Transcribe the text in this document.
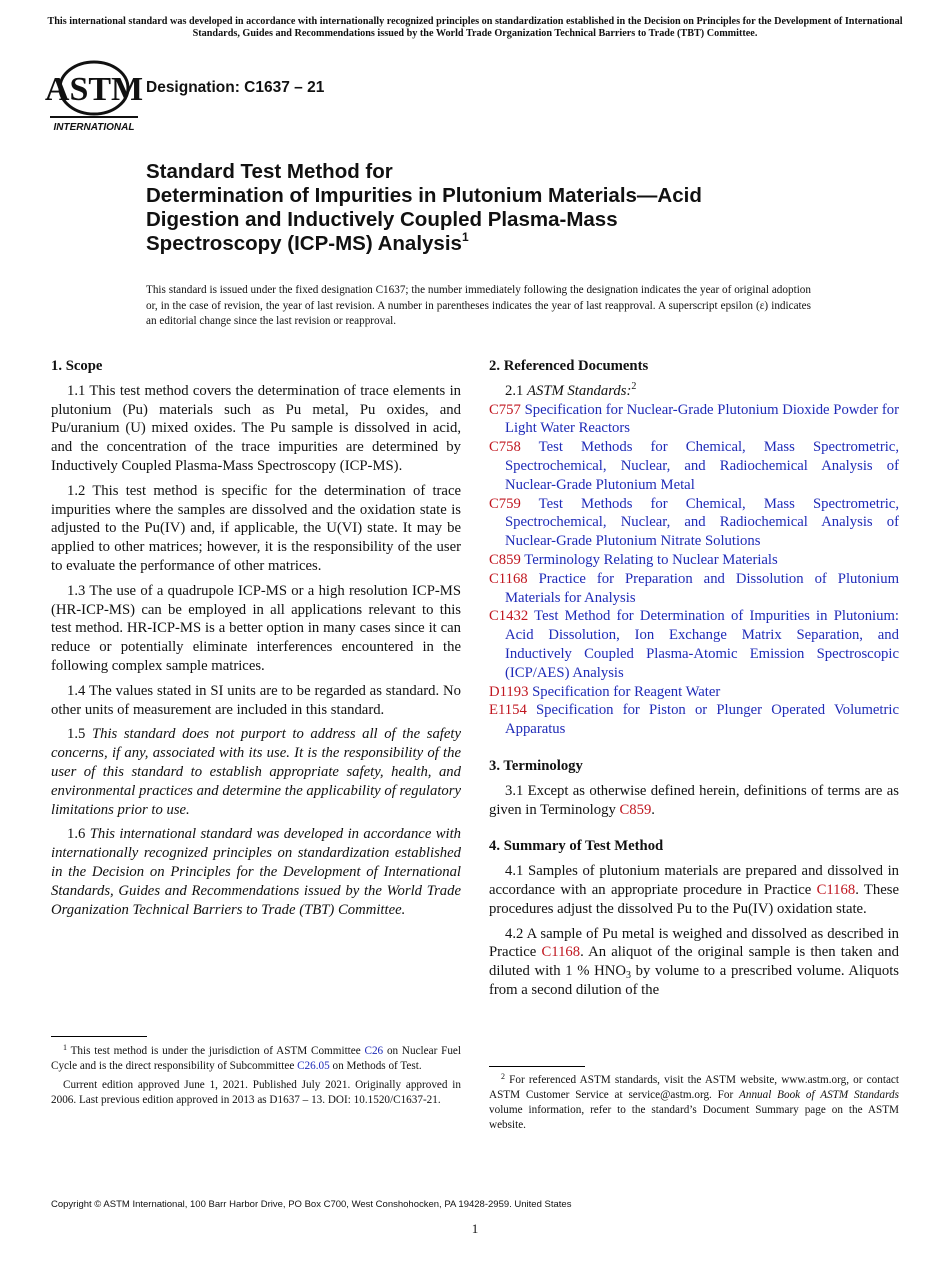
This international standard was developed in accordance with internationally recognized principles on standardization established in the Decision on Principles for the Development of International Standards, Guides and Recommendations issued by the World Trade Organization Technical Barriers to Trade (TBT) Committee.
ASTM
INTERNATIONAL
Designation: C1637 – 21
Standard Test Method for
Determination of Impurities in Plutonium Materials—Acid
Digestion and Inductively Coupled Plasma-Mass
Spectroscopy (ICP-MS) Analysis$^1$
This standard is issued under the fixed designation C1637; the number immediately following the designation indicates the year of original adoption or, in the case of revision, the year of last revision. A number in parentheses indicates the year of last reapproval. A superscript epsilon (ε) indicates an editorial change since the last revision or reapproval.
1. Scope

1.1 This test method covers the determination of trace elements in plutonium (Pu) materials such as Pu metal, Pu oxides, and Pu/uranium (U) mixed oxides. The Pu sample is dissolved in acid, and the concentration of the trace impurities are determined by Inductively Coupled Plasma-Mass Spectroscopy (ICP-MS).

1.2 This test method is specific for the determination of trace impurities where the samples are dissolved and the oxidation state is adjusted to the Pu(IV) and, if applicable, the U(VI) state. It may be applied to other matrices; however, it is the responsibility of the user to evaluate the performance of other matrices.

1.3 The use of a quadrupole ICP-MS or a high resolution ICP-MS (HR-ICP-MS) can be employed in all applications relevant to this test method. HR-ICP-MS is a better option in many cases since it can reduce or potentially eliminate interferences encountered in the following complex sample matrices.

1.4 The values stated in SI units are to be regarded as standard. No other units of measurement are included in this standard.

1.5 This standard does not purport to address all of the safety concerns, if any, associated with its use. It is the responsibility of the user of this standard to establish appropriate safety, health, and environmental practices and determine the applicability of regulatory limitations prior to use.

1.6 This international standard was developed in accordance with internationally recognized principles on standardization established in the Decision on Principles for the Development of International Standards, Guides and Recommendations issued by the World Trade Organization Technical Barriers to Trade (TBT) Committee.

2. Referenced Documents

2.1 ASTM Standards:$^2$

C757 Specification for Nuclear-Grade Plutonium Dioxide Powder for Light Water Reactors

C758 Test Methods for Chemical, Mass Spectrometric, Spectrochemical, Nuclear, and Radiochemical Analysis of Nuclear-Grade Plutonium Metal

C759 Test Methods for Chemical, Mass Spectrometric, Spectrochemical, Nuclear, and Radiochemical Analysis of Nuclear-Grade Plutonium Nitrate Solutions

C859 Terminology Relating to Nuclear Materials

C1168 Practice for Preparation and Dissolution of Plutonium Materials for Analysis

C1432 Test Method for Determination of Impurities in Plutonium: Acid Dissolution, Ion Exchange Matrix Separation, and Inductively Coupled Plasma-Atomic Emission Spectroscopic (ICP/AES) Analysis

D1193 Specification for Reagent Water

E1154 Specification for Piston or Plunger Operated Volumetric Apparatus

3. Terminology

3.1 Except as otherwise defined herein, definitions of terms are as given in Terminology C859.

4. Summary of Test Method

4.1 Samples of plutonium materials are prepared and dissolved in accordance with an appropriate procedure in Practice C1168. These procedures adjust the dissolved Pu to the Pu(IV) oxidation state.

4.2 A sample of Pu metal is weighed and dissolved as described in Practice C1168. An aliquot of the original sample is then taken and diluted with 1 % $HNO_3$ by volume to a prescribed volume. Aliquots from a second dilution of the

$^1$ This test method is under the jurisdiction of ASTM Committee C26 on Nuclear Fuel Cycle and is the direct responsibility of Subcommittee C26.05 on Methods of Test.

Current edition approved June 1, 2021. Published July 2021. Originally approved in 2006. Last previous edition approved in 2013 as D1637 – 13. DOI: 10.1520/C1637-21.

$^2$ For referenced ASTM standards, visit the ASTM website, www.astm.org, or contact ASTM Customer Service at service@astm.org. For Annual Book of ASTM Standards volume information, refer to the standard’s Document Summary page on the ASTM website.

Copyright © ASTM International, 100 Barr Harbor Drive, PO Box C700, West Conshohocken, PA 19428-2959. United States
1
